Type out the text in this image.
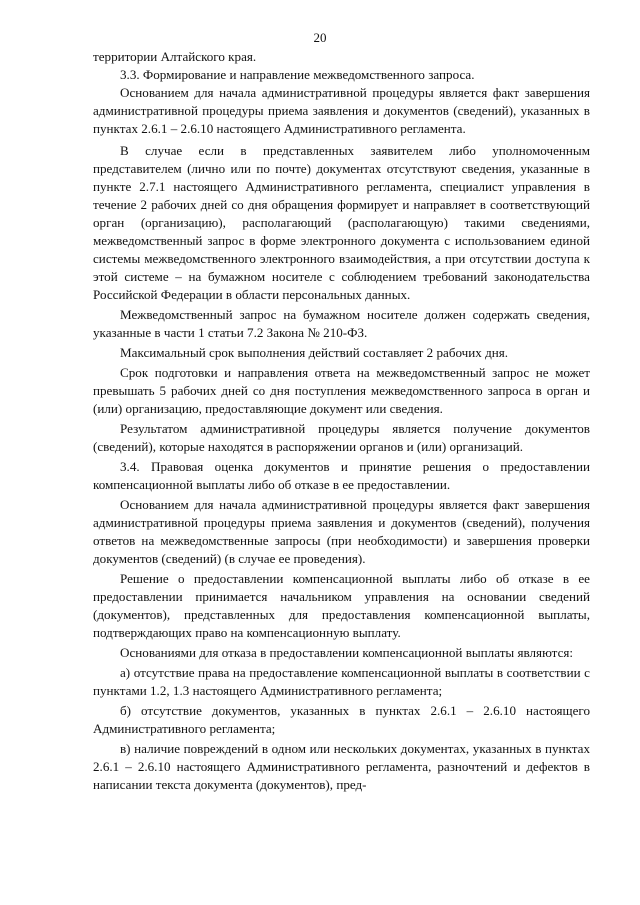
20

территории Алтайского края.

3.3. Формирование и направление межведомственного запроса.

Основанием для начала административной процедуры является факт завершения административной процедуры приема заявления и документов (сведений), указанных в пунктах 2.6.1 – 2.6.10 настоящего Административного регламента.

В случае если в представленных заявителем либо уполномоченным представителем (лично или по почте) документах отсутствуют сведения, указанные в пункте 2.7.1 настоящего Административного регламента, специалист управления в течение 2 рабочих дней со дня обращения формирует и направляет в соответствующий орган (организацию), располагающий (располагающую) такими сведениями, межведомственный запрос в форме электронного документа с использованием единой системы межведомственного электронного взаимодействия, а при отсутствии доступа к этой системе – на бумажном носителе с соблюдением требований законодательства Российской Федерации в области персональных данных.

Межведомственный запрос на бумажном носителе должен содержать сведения, указанные в части 1 статьи 7.2 Закона № 210-ФЗ.

Максимальный срок выполнения действий составляет 2 рабочих дня.

Срок подготовки и направления ответа на межведомственный запрос не может превышать 5 рабочих дней со дня поступления межведомственного запроса в орган и (или) организацию, предоставляющие документ или сведения.

Результатом административной процедуры является получение документов (сведений), которые находятся в распоряжении органов и (или) организаций.

3.4. Правовая оценка документов и принятие решения о предоставлении компенсационной выплаты либо об отказе в ее предоставлении.

Основанием для начала административной процедуры является факт завершения административной процедуры приема заявления и документов (сведений), получения ответов на межведомственные запросы (при необходимости) и завершения проверки документов (сведений) (в случае ее проведения).

Решение о предоставлении компенсационной выплаты либо об отказе в ее предоставлении принимается начальником управления на основании сведений (документов), представленных для предоставления компенсационной выплаты, подтверждающих право на компенсационную выплату.

Основаниями для отказа в предоставлении компенсационной выплаты являются:

а) отсутствие права на предоставление компенсационной выплаты в соответствии с пунктами 1.2, 1.3 настоящего Административного регламента;

б) отсутствие документов, указанных в пунктах 2.6.1 – 2.6.10 настоящего Административного регламента;

в) наличие повреждений в одном или нескольких документах, указанных в пунктах 2.6.1 – 2.6.10 настоящего Административного регламента, разночтений и дефектов в написании текста документа (документов), пред-
